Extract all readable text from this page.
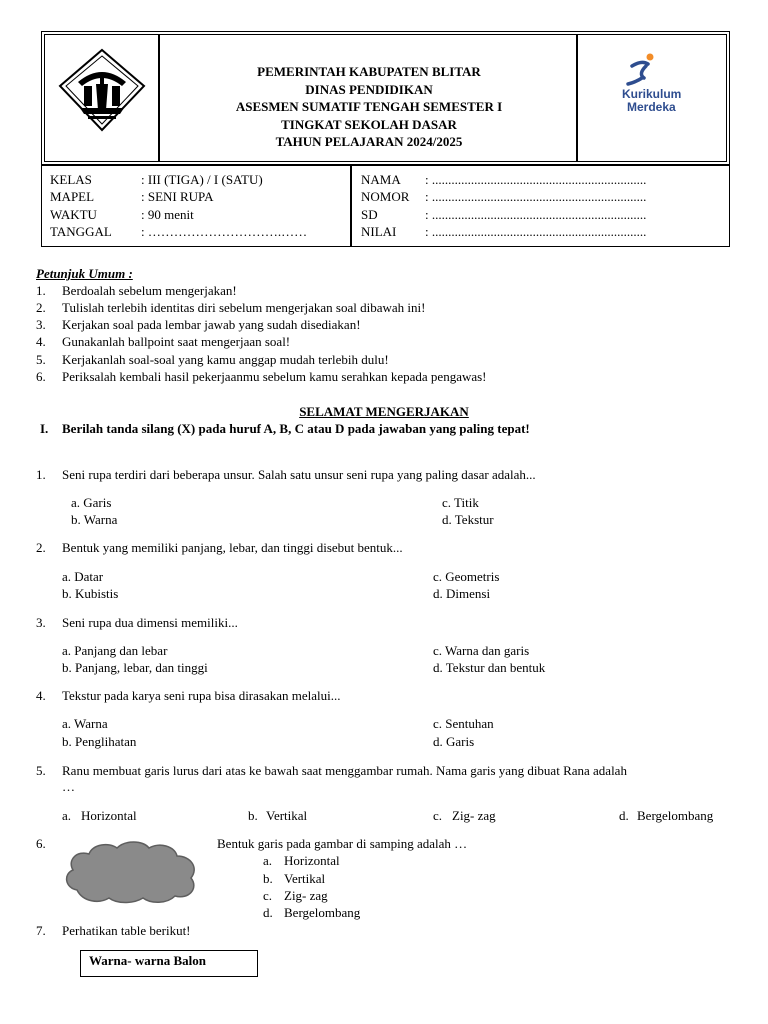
PEMERINTAH KABUPATEN BLITAR
DINAS PENDIDIKAN
ASESMEN SUMATIF TENGAH SEMESTER I
TINGKAT SEKOLAH DASAR
TAHUN PELAJARAN 2024/2025
Kurikulum
Merdeka
KELAS	: III (TIGA) / I (SATU)
MAPEL	: SENI RUPA
WAKTU	: 90 menit
TANGGAL : ………………………….……
NAMA : ..................................................................
NOMOR : ..................................................................
SD	: ..................................................................
NILAI : ..................................................................
Petunjuk Umum :
1. Berdoalah sebelum mengerjakan!
2. Tulislah terlebih identitas diri sebelum mengerjakan soal dibawah ini!
3. Kerjakan soal pada lembar jawab yang sudah disediakan!
4. Gunakanlah ballpoint saat mengerjaan soal!
5. Kerjakanlah soal-soal yang kamu anggap mudah terlebih dulu!
6. Periksalah kembali hasil pekerjaanmu sebelum kamu serahkan kepada pengawas!
SELAMAT MENGERJAKAN
I. Berilah tanda silang (X) pada huruf A, B, C atau D pada jawaban yang paling tepat!
1. Seni rupa terdiri dari beberapa unsur. Salah satu unsur seni rupa yang paling dasar adalah...
a. Garis
b. Warna
c. Titik
d. Tekstur
2. Bentuk yang memiliki panjang, lebar, dan tinggi disebut bentuk...
a. Datar
b. Kubistis
c. Geometris
d. Dimensi
3. Seni rupa dua dimensi memiliki...
a. Panjang dan lebar
b. Panjang, lebar, dan tinggi
c. Warna dan garis
d. Tekstur dan bentuk
4. Tekstur pada karya seni rupa bisa dirasakan melalui...
a. Warna
b. Penglihatan
c. Sentuhan
d. Garis
5. Ranu membuat garis lurus dari atas ke bawah saat menggambar rumah. Nama garis yang dibuat Rana adalah
…
a. Horizontal	b. Vertikal	c. Zig- zag	d. Bergelombang
6.	Bentuk garis pada gambar di samping adalah …
a. Horizontal
b. Vertikal
c. Zig- zag
d. Bergelombang
7. Perhatikan table berikut!
Warna- warna Balon
